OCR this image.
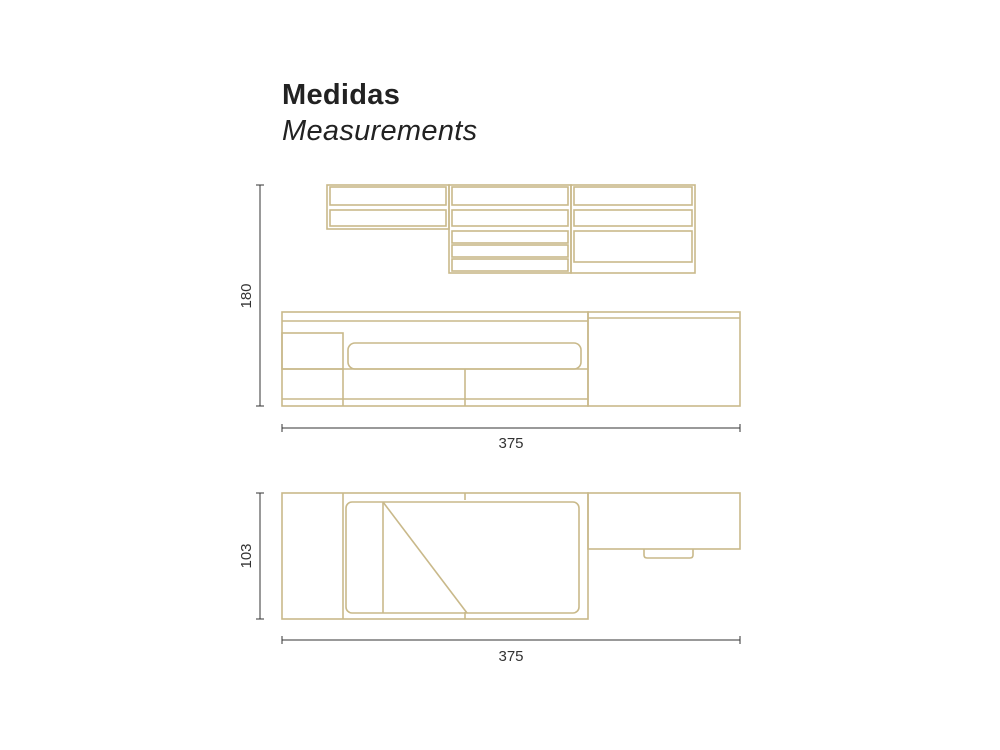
Medidas
Measurements
180
375
103
375
